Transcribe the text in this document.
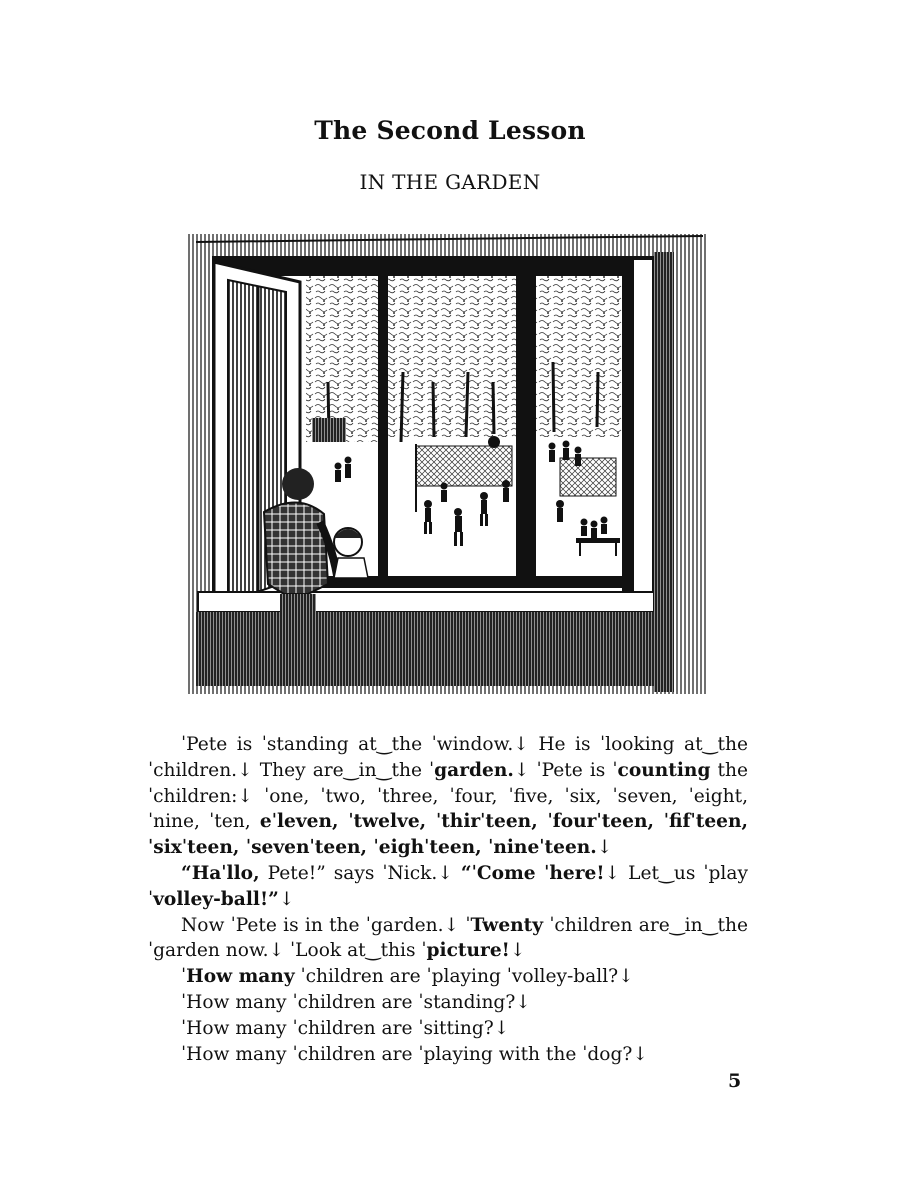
The Second Lesson
IN THE GARDEN

ˈPete is ˈstanding at‿the ˈwindow.↓ He is ˈlooking at‿the ˈchildren.↓ They are‿in‿the ˈgarden.↓ ˈPete is ˈcounting the ˈchildren:↓ ˈone, ˈtwo, ˈthree, ˈfour, ˈfive, ˈsix, ˈseven, ˈeight, ˈnine, ˈten, eˈleven, ˈtwelve, ˈthirˈteen, ˈfourˈteen, ˈfifˈteen, ˈsixˈteen, ˈsevenˈteen, ˈeighˈteen, ˈnineˈteen.↓

“Haˈllo, Pete!” says ˈNick.↓ “ˈCome ˈhere!↓ Let‿us ˈplay ˈvolley-ball!”↓

Now ˈPete is in the ˈgarden.↓ ˈTwenty ˈchildren are‿in‿the ˈgarden now.↓ ˈLook at‿this ˈpicture!↓

ˈHow many ˈchildren are ˈplaying ˈvolley-ball?↓

ˈHow many ˈchildren are ˈstanding?↓

ˈHow many ˈchildren are ˈsitting?↓

ˈHow many ˈchildren are ˈplaying with the ˈdog?↓

5
